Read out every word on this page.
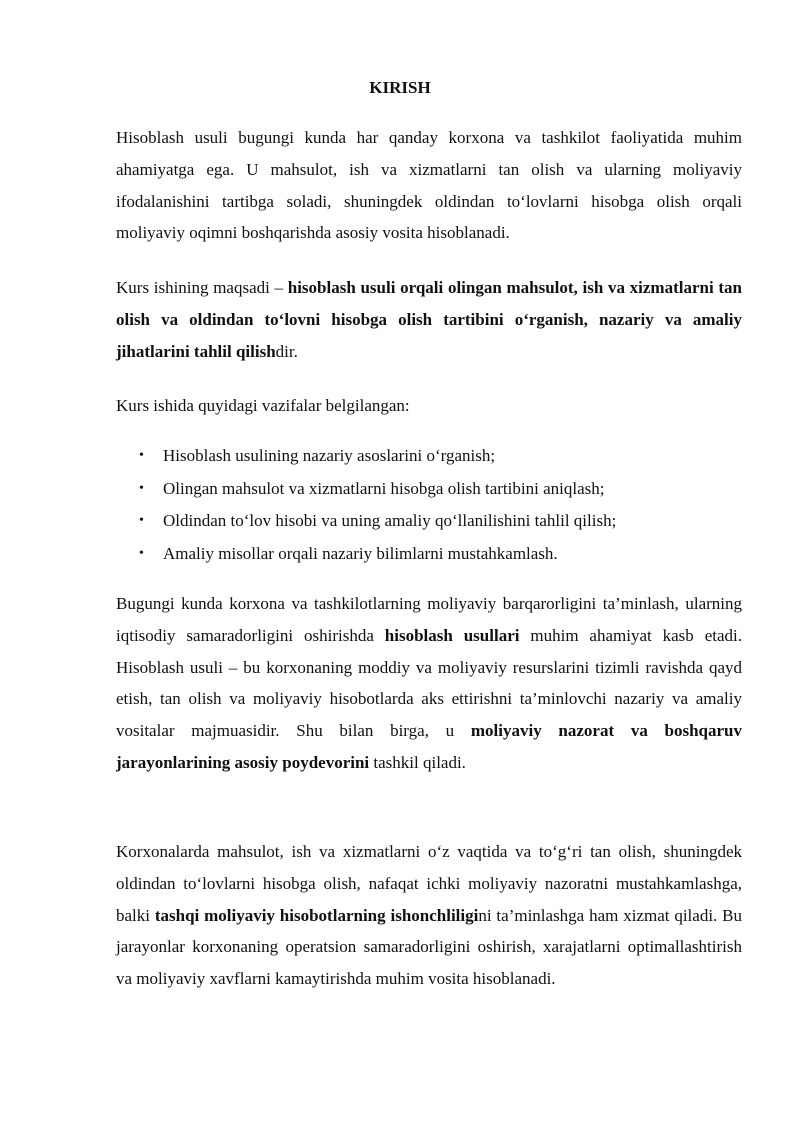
KIRISH

Hisoblash usuli bugungi kunda har qanday korxona va tashkilot faoliyatida muhim ahamiyatga ega. U mahsulot, ish va xizmatlarni tan olish va ularning moliyaviy ifodalanishini tartibga soladi, shuningdek oldindan to‘lovlarni hisobga olish orqali moliyaviy oqimni boshqarishda asosiy vosita hisoblanadi.

Kurs ishining maqsadi – hisoblash usuli orqali olingan mahsulot, ish va xizmatlarni tan olish va oldindan to‘lovni hisobga olish tartibini o‘rganish, nazariy va amaliy jihatlarini tahlil qilishdir.

Kurs ishida quyidagi vazifalar belgilangan:

• Hisoblash usulining nazariy asoslarini o‘rganish;
• Olingan mahsulot va xizmatlarni hisobga olish tartibini aniqlash;
• Oldindan to‘lov hisobi va uning amaliy qo‘llanilishini tahlil qilish;
• Amaliy misollar orqali nazariy bilimlarni mustahkamlash.

Bugungi kunda korxona va tashkilotlarning moliyaviy barqarorligini ta’minlash, ularning iqtisodiy samaradorligini oshirishda hisoblash usullari muhim ahamiyat kasb etadi. Hisoblash usuli – bu korxonaning moddiy va moliyaviy resurslarini tizimli ravishda qayd etish, tan olish va moliyaviy hisobotlarda aks ettirishni ta’minlovchi nazariy va amaliy vositalar majmuasidir. Shu bilan birga, u moliyaviy nazorat va boshqaruv jarayonlarining asosiy poydevorini tashkil qiladi.

Korxonalarda mahsulot, ish va xizmatlarni o‘z vaqtida va to‘g‘ri tan olish, shuningdek oldindan to‘lovlarni hisobga olish, nafaqat ichki moliyaviy nazoratni mustahkamlashga, balki tashqi moliyaviy hisobotlarning ishonchliligini ta’minlashga ham xizmat qiladi. Bu jarayonlar korxonaning operatsion samaradorligini oshirish, xarajatlarni optimallashtirish va moliyaviy xavflarni kamaytirishda muhim vosita hisoblanadi.
